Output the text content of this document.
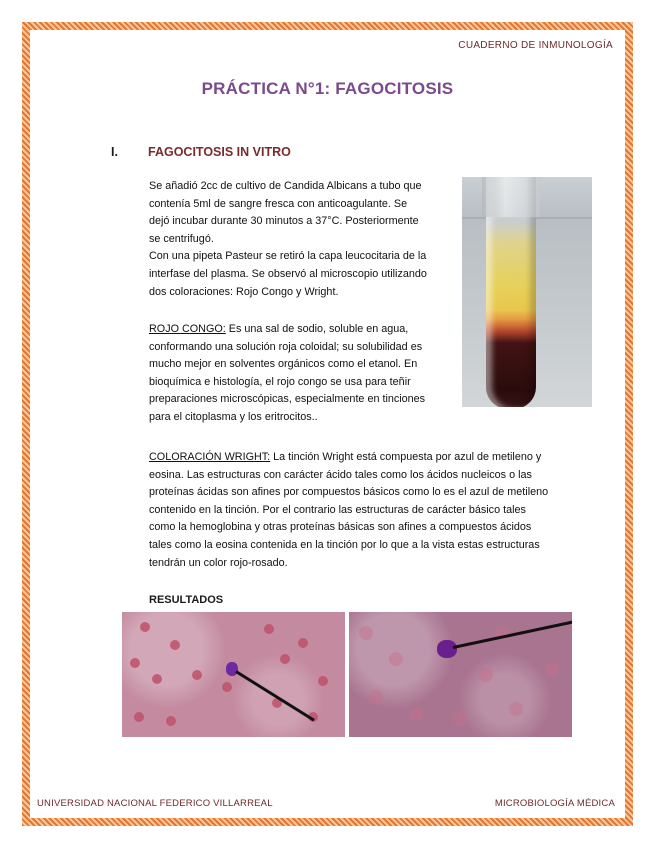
CUADERNO DE INMUNOLOGÍA
PRÁCTICA N°1: FAGOCITOSIS
I. FAGOCITOSIS IN VITRO
Se añadió 2cc de cultivo de Candida Albicans a tubo que
contenía 5ml de sangre fresca con anticoagulante. Se
dejó incubar durante 30 minutos a 37°C. Posteriormente
se centrifugó.
Con una pipeta Pasteur se retiró la capa leucocitaria de la
interfase del plasma. Se observó al microscopio utilizando
dos coloraciones: Rojo Congo y Wright.
ROJO CONGO: Es una sal de sodio, soluble en agua,
conformando una solución roja coloidal; su solubilidad es
mucho mejor en solventes orgánicos como el etanol. En
bioquímica e histología, el rojo congo se usa para teñir
preparaciones microscópicas, especialmente en tinciones
para el citoplasma y los eritrocitos..
COLORACIÓN WRIGHT: La tinción Wright está compuesta por azul de metileno y
eosina. Las estructuras con carácter ácido tales como los ácidos nucleicos o las
proteínas ácidas son afines por compuestos básicos como lo es el azul de metileno
contenido en la tinción. Por el contrario las estructuras de carácter básico tales
como la hemoglobina y otras proteínas básicas son afines a compuestos ácidos
tales como la eosina contenida en la tinción por lo que a la vista estas estructuras
tendrán un color rojo-rosado.
RESULTADOS
UNIVERSIDAD NACIONAL FEDERICO VILLARREAL	MICROBIOLOGÍA MÉDICA
